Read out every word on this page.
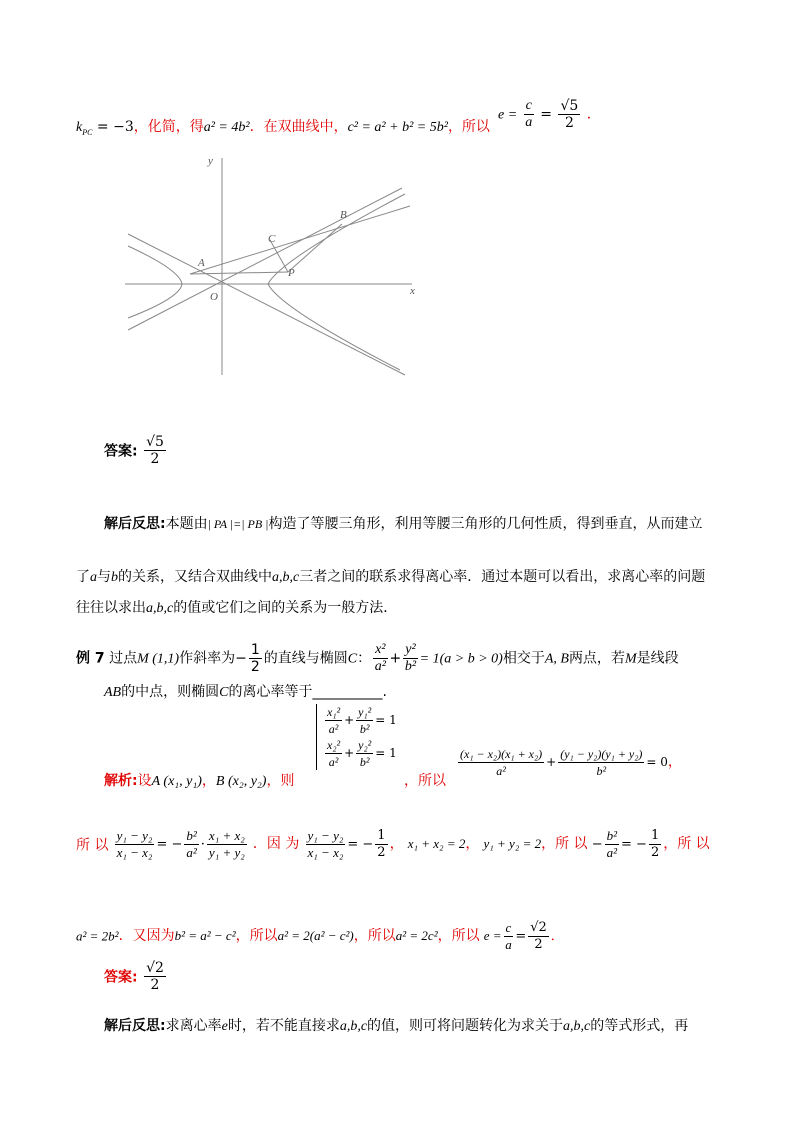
$k_{PC} = -3$，化简，得a² = 4b²．在双曲线中，c² = a² + b² = 5b²，所以
$e = \frac{c}{a} = \frac{√5}{2}$ ．
y
x
O
A
B
C
P
答案: $\frac{√5}{2}$
解后反思:本题由| PA |=| PB |构造了等腰三角形，利用等腰三角形的几何性质，得到垂直，从而建立
了a与b的关系，又结合双曲线中a,b,c三者之间的联系求得离心率．通过本题可以看出，求离心率的问题
往往以求出a,b,c的值或它们之间的关系为一般方法．
例 7 过点M (1,1)作斜率为− $\frac{1}{2}$ 的直线与椭圆C： $\frac{\text{x²}}{\text{a²}} + \frac{\text{y²}}{\text{b²}} = 1(a > b > 0)$相交于A, B两点，若M是线段
AB的中点，则椭圆C的离心率等于__________.
解析:设A (x₁, y₁)，B (x₂, y₂)，则
$\frac{\text{x₁²}}{\text{a²}} + \frac{\text{y₁²}}{\text{b²}} = 1$
$\frac{\text{x₂²}}{\text{a²}} + \frac{\text{y₂²}}{\text{b²}} = 1$
，所以
$\frac{\text{(x₁ − x₂)(x₁ + x₂)}}{\text{a²}} + \frac{\text{(y₁ − y₂)(y₁ + y₂)}}{\text{b²}} = 0$，
所 以 $\frac{\text{y₁ − y₂}}{\text{x₁ − x₂}}$ = − $\frac{\text{b²}}{\text{a²}} \cdot \frac{\text{x₁ + x₂}}{\text{y₁ + y₂}}$ ．因 为 $\frac{\text{y₁ − y₂}}{\text{x₁ − x₂}}$ = − $\frac{1}{2}$ ， x₁ + x₂ = 2， y₁ + y₂ = 2，所 以 − $\frac{\text{b²}}{\text{a²}}$ = − $\frac{1}{2}$ ，所 以
a² = 2b²．又因为b² = a² − c²，所以a² = 2(a² − c²)，所以a² = 2c²，所以 $e = \frac{c}{a} = \frac{√2}{2}$ ．
答案: $\frac{√2}{2}$
解后反思:求离心率e时，若不能直接求a,b,c的值，则可将问题转化为求关于a,b,c的等式形式，再
